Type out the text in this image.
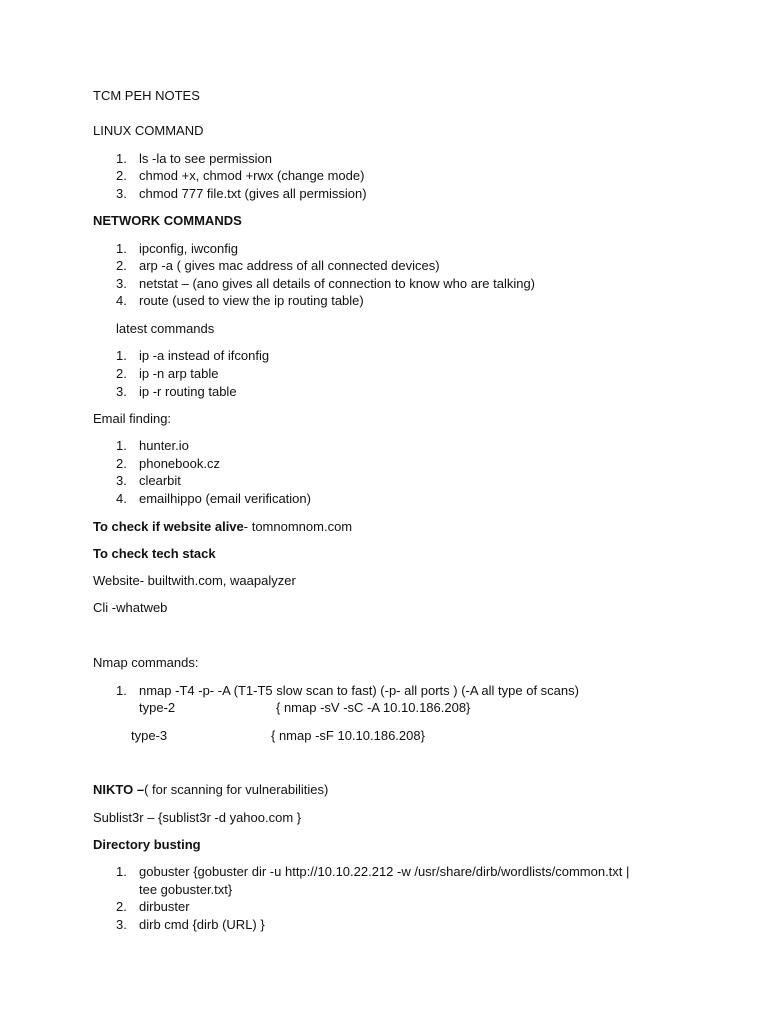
TCM PEH NOTES
LINUX COMMAND
1. ls -la to see permission
2. chmod +x, chmod +rwx (change mode)
3. chmod 777 file.txt (gives all permission)
NETWORK COMMANDS
1. ipconfig, iwconfig
2. arp -a ( gives mac address of all connected devices)
3. netstat – (ano gives all details of connection to know who are talking)
4. route (used to view the ip routing table)
latest commands
1. ip -a instead of ifconfig
2. ip -n arp table
3. ip -r routing table
Email finding:
1. hunter.io
2. phonebook.cz
3. clearbit
4. emailhippo (email verification)
To check if website alive- tomnomnom.com
To check tech stack
Website- builtwith.com, waapalyzer
Cli -whatweb
Nmap commands:
1. nmap -T4 -p- -A (T1-T5 slow scan to fast) (-p- all ports ) (-A all type of scans)
type-2	{ nmap -sV -sC -A 10.10.186.208}
type-3	{ nmap -sF 10.10.186.208}
NIKTO –( for scanning for vulnerabilities)
Sublist3r – {sublist3r -d yahoo.com }
Directory busting
1. gobuster {gobuster dir -u http://10.10.22.212 -w /usr/share/dirb/wordlists/common.txt |
tee gobuster.txt}
2. dirbuster
3. dirb cmd {dirb (URL) }
